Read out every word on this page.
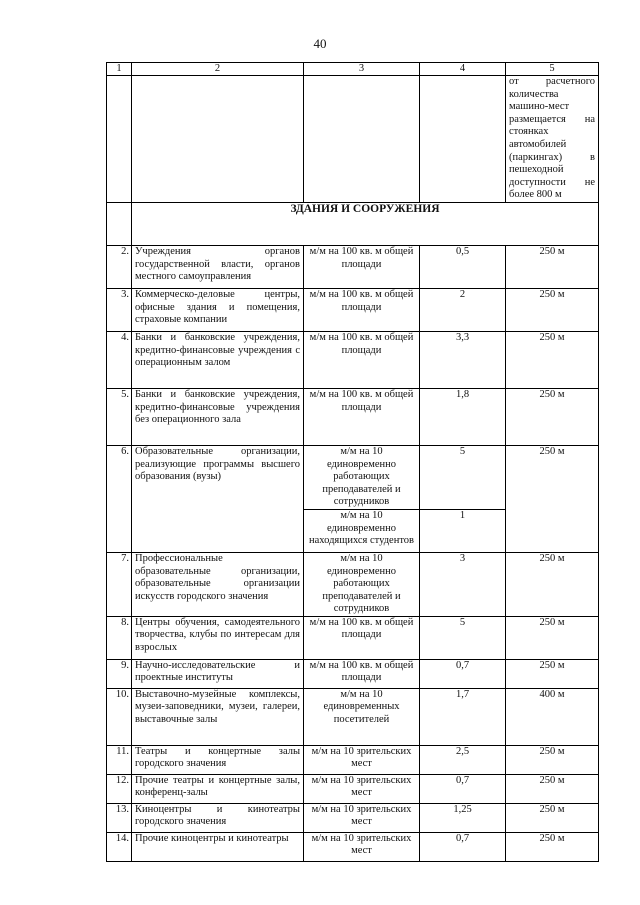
40
1	2	3	4	5
				от расчетного количества машино-мест размещается на стоянках автомобилей (паркингах) в пешеходной доступности не более 800 м
	ЗДАНИЯ И СООРУЖЕНИЯ			
2.	Учреждения органов государственной власти, органов местного самоуправления	м/м на 100 кв. м общей площади	0,5	250 м
3.	Коммерческо-деловые центры, офисные здания и помещения, страховые компании	м/м на 100 кв. м общей площади	2	250 м
4.	Банки и банковские учреждения, кредитно-финансовые учреждения с операционным залом	м/м на 100 кв. м общей площади	3,3	250 м
5.	Банки и банковские учреждения, кредитно-финансовые учреждения без операционного зала	м/м на 100 кв. м общей площади	1,8	250 м
6.	Образовательные организации, реализующие программы высшего образования (вузы)	м/м на 10 единовременно работающих преподавателей и сотрудников	5	250 м
		м/м на 10 единовременно находящихся студентов	1	
7.	Профессиональные образовательные организации, образовательные организации искусств городского значения	м/м на 10 единовременно работающих преподавателей и сотрудников	3	250 м
8.	Центры обучения, самодеятельного творчества, клубы по интересам для взрослых	м/м на 100 кв. м общей площади	5	250 м
9.	Научно-исследовательские и проектные институты	м/м на 100 кв. м общей площади	0,7	250 м
10.	Выставочно-музейные комплексы, музеи-заповедники, музеи, галереи, выставочные залы	м/м на 10 единовременных посетителей	1,7	400 м
11.	Театры и концертные залы городского значения	м/м на 10 зрительских мест	2,5	250 м
12.	Прочие театры и концертные залы, конференц-залы	м/м на 10 зрительских мест	0,7	250 м
13.	Киноцентры и кинотеатры городского значения	м/м на 10 зрительских мест	1,25	250 м
14.	Прочие киноцентры и кинотеатры	м/м на 10 зрительских мест	0,7	250 м
